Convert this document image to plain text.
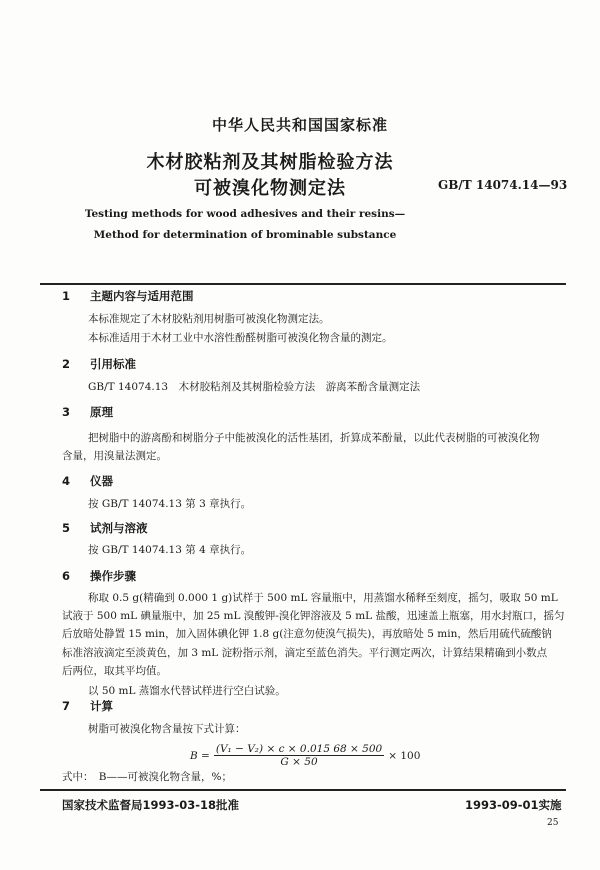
中华人民共和国国家标准
木材胶粘剂及其树脂检验方法
可被溴化物测定法	GB/T 14074.14—93
Testing methods for wood adhesives and their resins—
Method for determination of brominable substance
1 主题内容与适用范围
本标准规定了木材胶粘剂用树脂可被溴化物测定法。
本标准适用于木材工业中水溶性酚醛树脂可被溴化物含量的测定。
2 引用标准
GB/T 14074.13　木材胶粘剂及其树脂检验方法　游离苯酚含量测定法
3 原理
把树脂中的游离酚和树脂分子中能被溴化的活性基团，折算成苯酚量，以此代表树脂的可被溴化物
含量，用溴量法测定。
4 仪器
按 GB/T 14074.13 第 3 章执行。
5 试剂与溶液
按 GB/T 14074.13 第 4 章执行。
6 操作步骤
称取 0.5 g(精确到 0.000 1 g)试样于 500 mL 容量瓶中，用蒸馏水稀释至刻度，摇匀，吸取 50 mL
试液于 500 mL 碘量瓶中，加 25 mL 溴酸钾-溴化钾溶液及 5 mL 盐酸，迅速盖上瓶塞，用水封瓶口，摇匀
后放暗处静置 15 min，加入固体碘化钾 1.8 g(注意勿使溴气损失)，再放暗处 5 min，然后用硫代硫酸钠
标准溶液滴定至淡黄色，加 3 mL 淀粉指示剂，滴定至蓝色消失。平行测定两次，计算结果精确到小数点
后两位，取其平均值。
以 50 mL 蒸馏水代替试样进行空白试验。
7 计算
树脂可被溴化物含量按下式计算：
$B = \frac{\text{(V₁ − V₂) × c × 0.015 68 × 500}}{G \times 50} \times 100$
式中：　B——可被溴化物含量，%；
国家技术监督局1993-03-18批准	1993-09-01实施
25
